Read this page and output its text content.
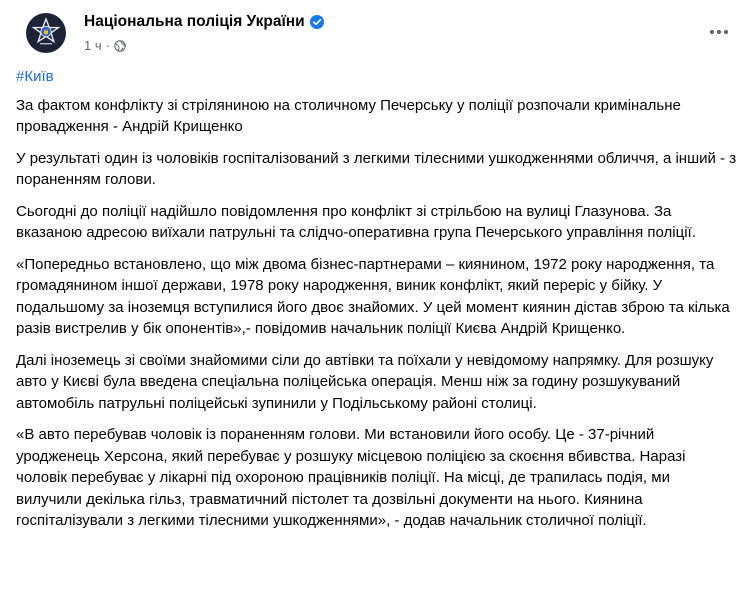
Національна поліція України
1 ч ·
#Київ

За фактом конфлікту зі стріляниною на столичному Печерську у поліції розпочали кримінальне провадження - Андрій Крищенко

У результаті один із чоловіків госпіталізований з легкими тілесними ушкодженнями обличчя, а інший - з пораненням голови.

Сьогодні до поліції надійшло повідомлення про конфлікт зі стрільбою на вулиці Глазунова. За вказаною адресою виїхали патрульні та слідчо-оперативна група Печерського управління поліції.

«Попередньо встановлено, що між двома бізнес-партнерами – киянином, 1972 року народження, та громадянином іншої держави, 1978 року народження, виник конфлікт, який переріс у бійку. У подальшому за іноземця вступилися його двоє знайомих. У цей момент киянин дістав зброю та кілька разів вистрелив у бік опонентів»,- повідомив начальник поліції Києва Андрій Крищенко.

Далі іноземець зі своїми знайомими сіли до автівки та поїхали у невідомому напрямку. Для розшуку авто у Києві була введена спеціальна поліцейська операція. Менш ніж за годину розшукуваний автомобіль патрульні поліцейські зупинили у Подільському районі столиці.

«В авто перебував чоловік із пораненням голови. Ми встановили його особу. Це - 37-річний уродженець Херсона, який перебуває у розшуку місцевою поліцією за скоєння вбивства. Наразі чоловік перебуває у лікарні під охороною працівників поліції. На місці, де трапилась подія, ми вилучили декілька гільз, травматичний пістолет та дозвільні документи на нього. Киянина госпіталізували з легкими тілесними ушкодженнями», - додав начальник столичної поліції.
